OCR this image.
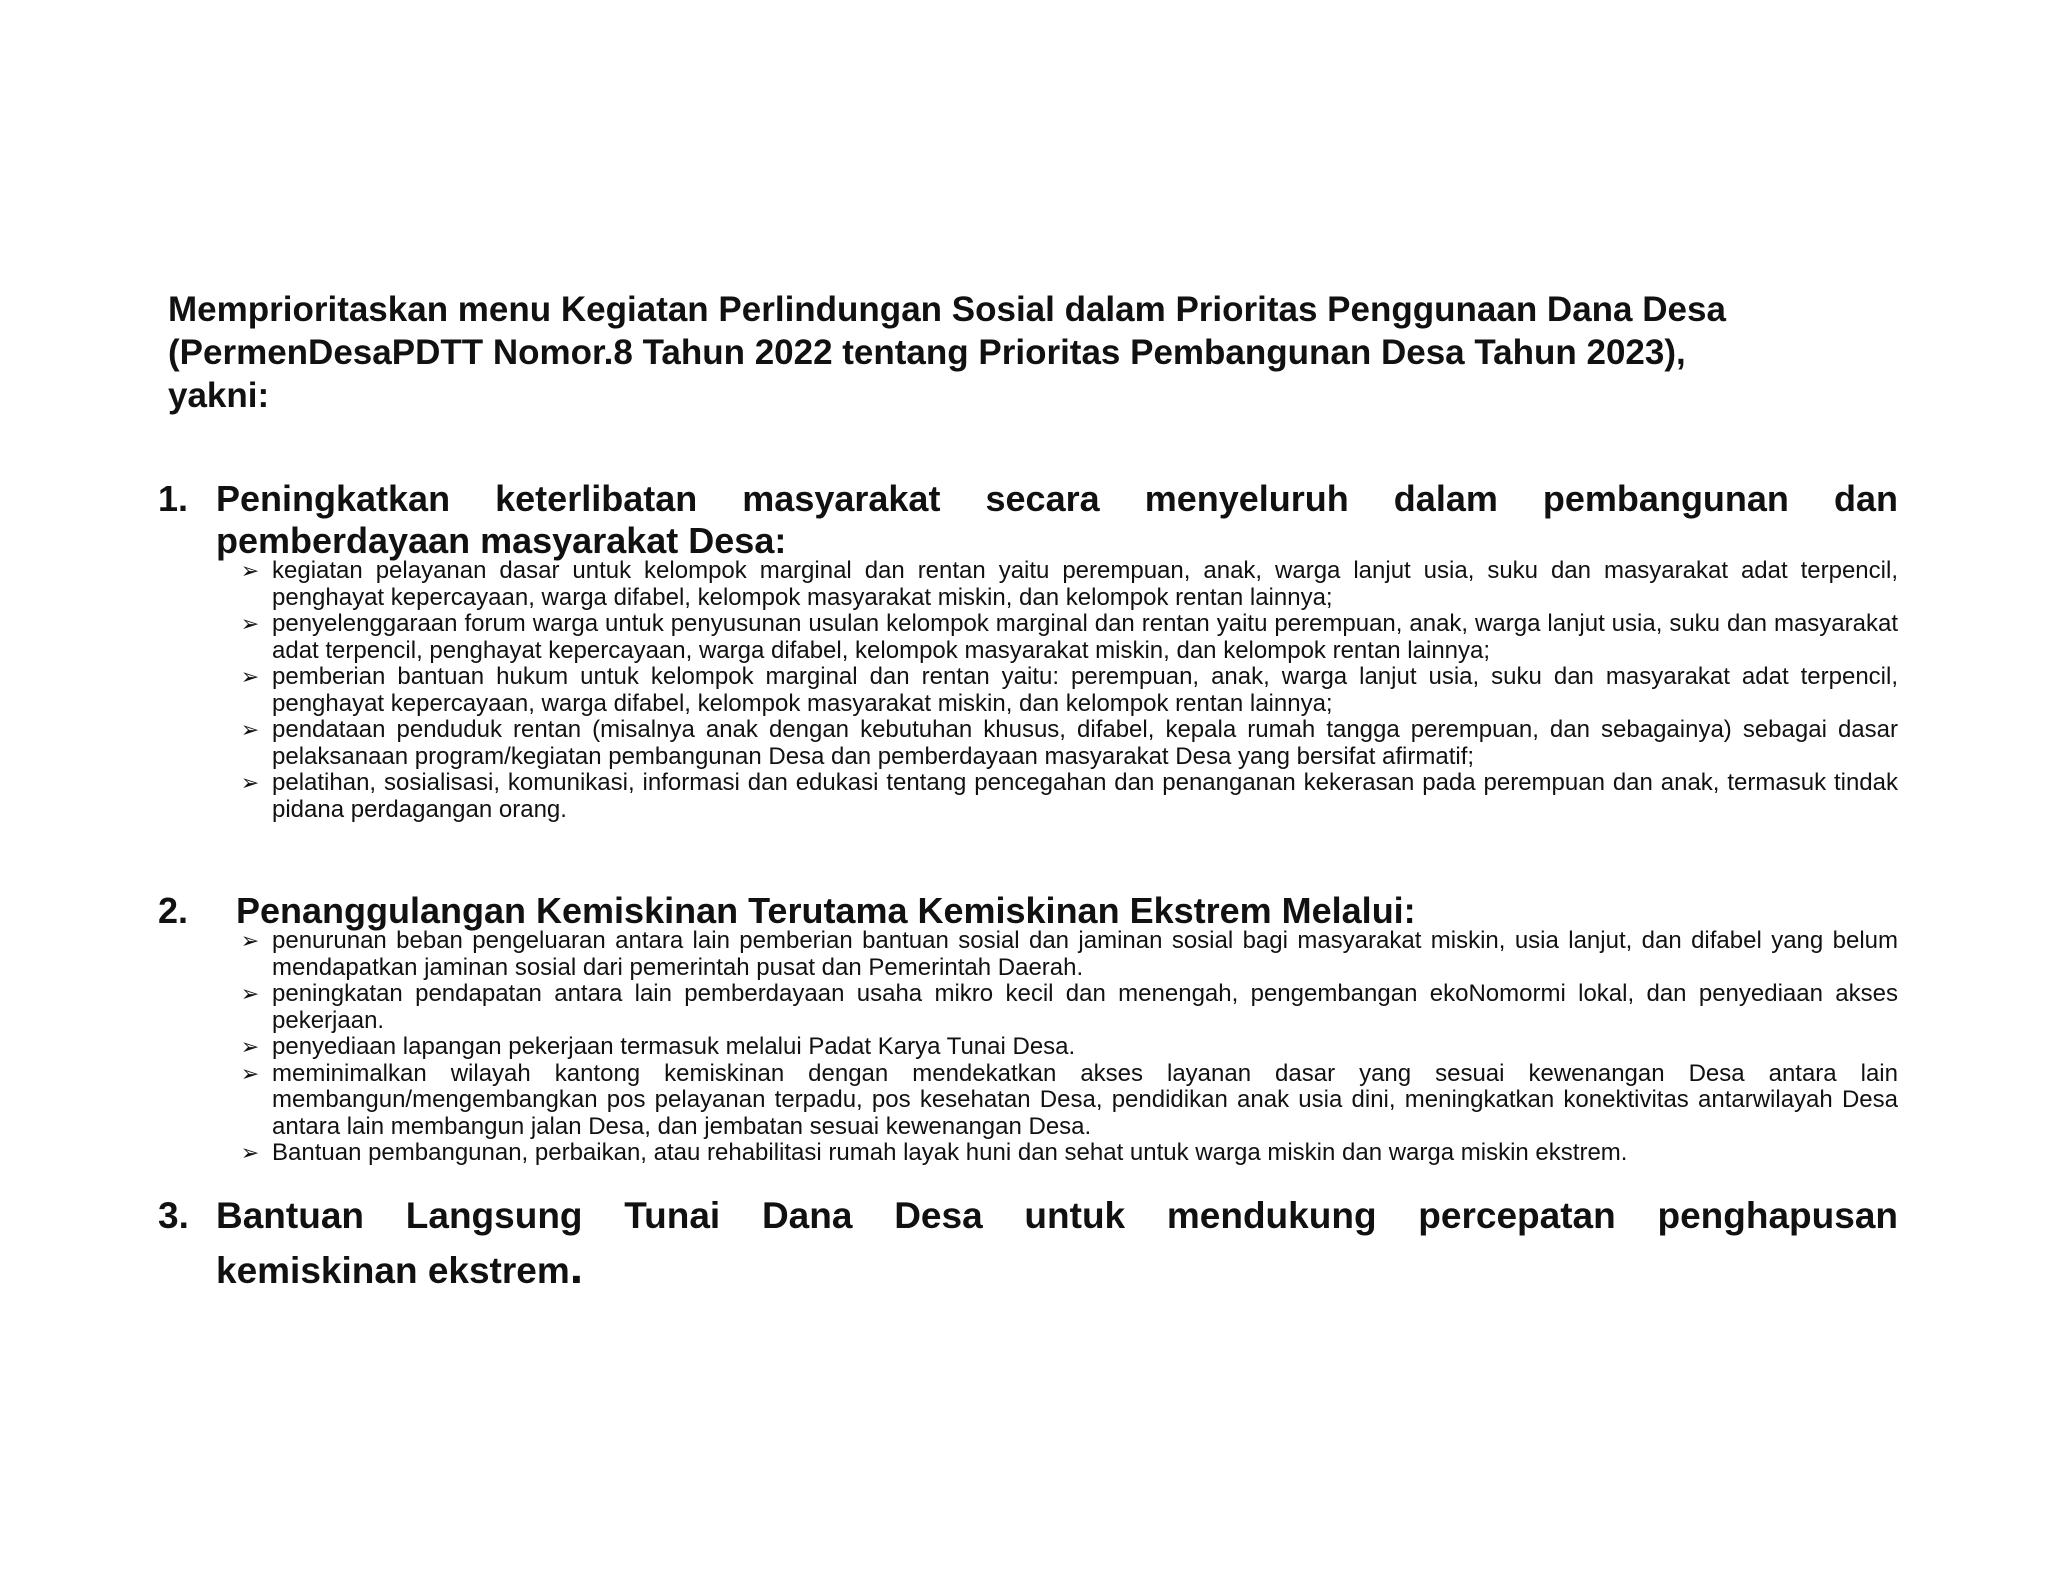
Memprioritaskan menu Kegiatan Perlindungan Sosial dalam Prioritas Penggunaan Dana Desa
(PermenDesaPDTT Nomor.8 Tahun 2022 tentang Prioritas Pembangunan Desa Tahun 2023),
yakni:
1. Peningkatkan keterlibatan masyarakat secara menyeluruh dalam pembangunan dan
pemberdayaan masyarakat Desa:
➢ kegiatan pelayanan dasar untuk kelompok marginal dan rentan yaitu perempuan, anak, warga lanjut usia, suku dan masyarakat adat terpencil, penghayat kepercayaan, warga difabel, kelompok masyarakat miskin, dan kelompok rentan lainnya;
➢ penyelenggaraan forum warga untuk penyusunan usulan kelompok marginal dan rentan yaitu perempuan, anak, warga lanjut usia, suku dan masyarakat adat terpencil, penghayat kepercayaan, warga difabel, kelompok masyarakat miskin, dan kelompok rentan lainnya;
➢ pemberian bantuan hukum untuk kelompok marginal dan rentan yaitu: perempuan, anak, warga lanjut usia, suku dan masyarakat adat terpencil, penghayat kepercayaan, warga difabel, kelompok masyarakat miskin, dan kelompok rentan lainnya;
➢ pendataan penduduk rentan (misalnya anak dengan kebutuhan khusus, difabel, kepala rumah tangga perempuan, dan sebagainya) sebagai dasar pelaksanaan program/kegiatan pembangunan Desa dan pemberdayaan masyarakat Desa yang bersifat afirmatif;
➢ pelatihan, sosialisasi, komunikasi, informasi dan edukasi tentang pencegahan dan penanganan kekerasan pada perempuan dan anak, termasuk tindak pidana perdagangan orang.
2. Penanggulangan Kemiskinan Terutama Kemiskinan Ekstrem Melalui:
➢ penurunan beban pengeluaran antara lain pemberian bantuan sosial dan jaminan sosial bagi masyarakat miskin, usia lanjut, dan difabel yang belum mendapatkan jaminan sosial dari pemerintah pusat dan Pemerintah Daerah.
➢ peningkatan pendapatan antara lain pemberdayaan usaha mikro kecil dan menengah, pengembangan ekoNomormi lokal, dan penyediaan akses pekerjaan.
➢ penyediaan lapangan pekerjaan termasuk melalui Padat Karya Tunai Desa.
➢ meminimalkan wilayah kantong kemiskinan dengan mendekatkan akses layanan dasar yang sesuai kewenangan Desa antara lain membangun/mengembangkan pos pelayanan terpadu, pos kesehatan Desa, pendidikan anak usia dini, meningkatkan konektivitas antarwilayah Desa antara lain membangun jalan Desa, dan jembatan sesuai kewenangan Desa.
➢ Bantuan pembangunan, perbaikan, atau rehabilitasi rumah layak huni dan sehat untuk warga miskin dan warga miskin ekstrem.
3. Bantuan Langsung Tunai Dana Desa untuk mendukung percepatan penghapusan
kemiskinan ekstrem.
